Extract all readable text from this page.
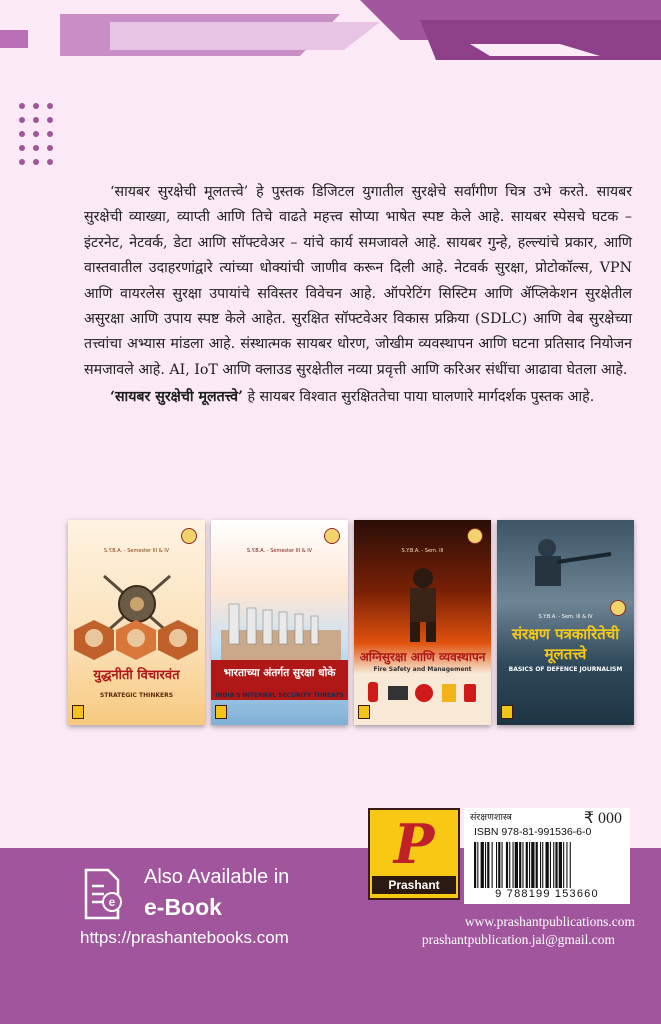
‘सायबर सुरक्षेची मूलतत्त्वे’ हे पुस्तक डिजिटल युगातील सुरक्षेचे सर्वांगीण चित्र उभे करते. सायबर सुरक्षेची व्याख्या, व्याप्ती आणि तिचे वाढते महत्त्व सोप्या भाषेत स्पष्ट केले आहे. सायबर स्पेसचे घटक – इंटरनेट, नेटवर्क, डेटा आणि सॉफ्टवेअर – यांचे कार्य समजावले आहे. सायबर गुन्हे, हल्ल्यांचे प्रकार, आणि वास्तवातील उदाहरणांद्वारे त्यांच्या धोक्यांची जाणीव करून दिली आहे. नेटवर्क सुरक्षा, प्रोटोकॉल्स, VPN आणि वायरलेस सुरक्षा उपायांचे सविस्तर विवेचन आहे. ऑपरेटिंग सिस्टिम आणि ॲप्लिकेशन सुरक्षेतील असुरक्षा आणि उपाय स्पष्ट केले आहेत. सुरक्षित सॉफ्टवेअर विकास प्रक्रिया (SDLC) आणि वेब सुरक्षेच्या तत्त्वांचा अभ्यास मांडला आहे. संस्थात्मक सायबर धोरण, जोखीम व्यवस्थापन आणि घटना प्रतिसाद नियोजन समजावले आहे. AI, IoT आणि क्लाउड सुरक्षेतील नव्या प्रवृत्ती आणि करिअर संधींचा आढावा घेतला आहे.

‘सायबर सुरक्षेची मूलतत्त्वे’ हे सायबर विश्वात सुरक्षिततेचा पाया घालणारे मार्गदर्शक पुस्तक आहे.

S.Y.B.A. - Semester III & IV
युद्धनीती विचारवंत
STRATEGIC THINKERS
S.Y.B.A. - Semester III & IV
भारताच्या अंतर्गत सुरक्षा धोके
INDIA'S INTERNAL SECURITY THREATS
S.Y.B.A. - Sem. III
अग्निसुरक्षा आणि व्यवस्थापन
Fire Safety and Management
S.Y.B.A. - Sem. III & IV
संरक्षण पत्रकारितेची मूलतत्त्वे
BASICS OF DEFENCE JOURNALISM
e
Also Available in
e-Book
https://prashantebooks.com
P
Prashant
संरक्षणशास्त्र	₹ 000
ISBN 978-81-991536-6-0
9 788199 153660
www.prashantpublications.com
prashantpublication.jal@gmail.com
